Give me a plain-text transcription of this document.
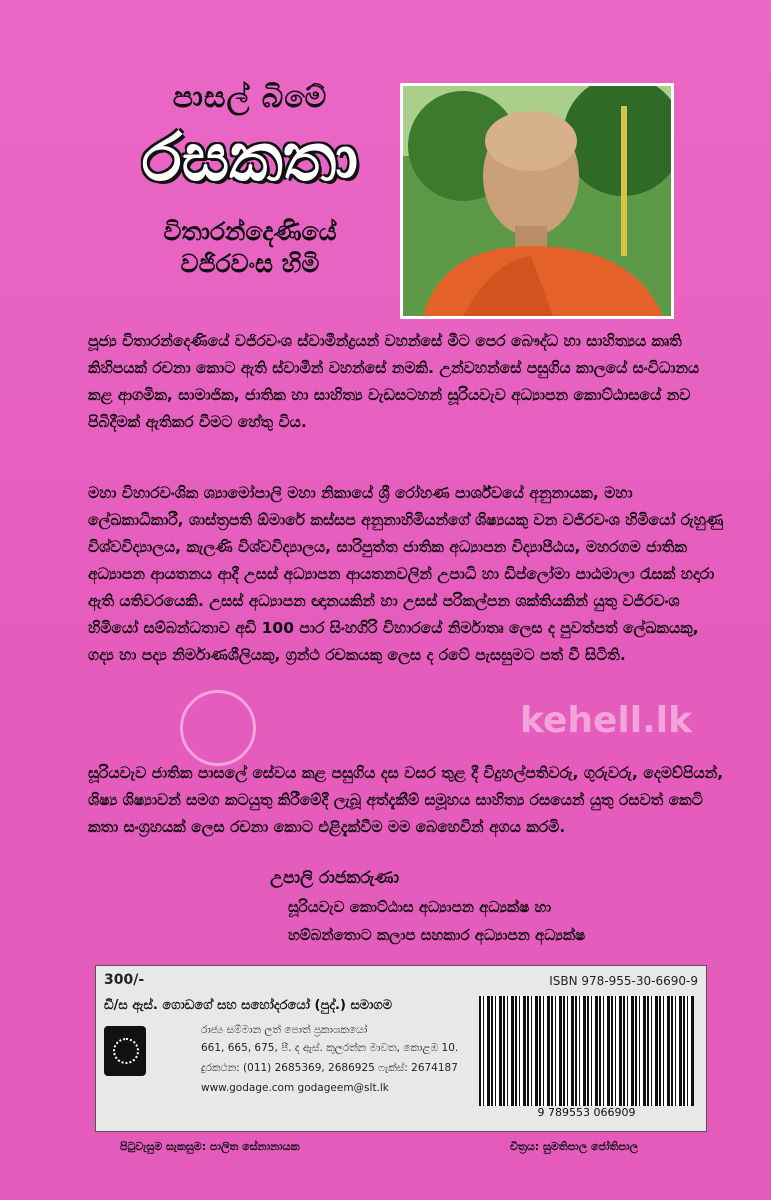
පාසල් බිමේ
රසකතා
විතාරන්දෙණියේ
වජිරවංස හිමි
පූජ්‍ය විතාරන්දෙණියේ වජිරවංශ ස්වාමීන්ද්‍රයන් වහන්සේ මීට පෙර බෞද්ධ හා සාහිත්‍යය කෘති කිහිපයක් රචනා කොට ඇති ස්වාමීන් වහන්සේ නමකි. උන්වහන්සේ පසුගිය කාලයේ සංවිධානය කළ ආගමික, සාමාජික, ජාතික හා සාහිත්‍ය වැඩසටහන් සූරියවැව අධ්‍යාපන කොට්ඨාසයේ නව පිබිදීමක් ඇතිකර වීමට හේතු විය.
මහා විහාරවංශික ශ්‍යාමෝපාලි මහා නිකායේ ශ්‍රී රෝහණ පාර්ශ්වයේ අනුනායක, මහා ලේඛකාධිකාරී, ශාස්ත්‍රපති ඕමාරේ කස්සප අනුනාහිමියන්ගේ ශිෂ්‍යයකු වන වජිරවංශ හිමියෝ රුහුණු විශ්වවිද්‍යාලය, කැලණි විශ්වවිද්‍යාලය, සාරිපුත්ත ජාතික අධ්‍යාපන විද්‍යාපීඨය, මහරගම ජාතික අධ්‍යාපන ආයතනය ආදී උසස් අධ්‍යාපන ආයතනවලින් උපාධි හා ඩිප්ලෝමා පාඨමාලා රැසක් හදාරා ඇති යතිවරයෙකි. උසස් අධ්‍යාපන ඥානයකින් හා උසස් පරිකල්පන ශක්තියකින් යුතු වජිරවංශ හිමියෝ සම්බන්ධතාව අඩි 100 පාර සිංහගිරි විහාරයේ නිර්මාතෘ ලෙස ද පුවත්පත් ලේඛකයකු, ගද්‍ය හා පද්‍ය නිර්මාණශීලියකු, ග්‍රන්ථ රචකයකු ලෙස ද රටේ පැසසුමට පත් වී සිටිති.
සූරියවැව ජාතික පාසලේ සේවය කළ පසුගිය දස වසර තුළ දී විදුහල්පතිවරු, ගුරුවරු, දෙමව්පියන්, ශිෂ්‍ය ශිෂ්‍යාවන් සමග කටයුතු කිරීමේදී ලැබූ අත්දැකීම් සමූහය සාහිත්‍ය රසයෙන් යුතු රසවත් කෙටි කතා සංග්‍රහයක් ලෙස රචනා කොට එළිදැක්වීම මම බෙහෙවින් අගය කරමි.
kehell.lk
උපාලි රාජකරුණා
සූරියවැව කොට්ඨාස අධ්‍යාපන අධ්‍යක්ෂ හා
හම්බන්තොට කලාප සහකාර අධ්‍යාපන අධ්‍යක්ෂ
300/-	ISBN 978-955-30-6690-9
ඩී/ස ඇස්. ගොඩගේ සහ සහෝදරයෝ (පුද්.) සමාගම
රාජ්‍ය සම්මාන ලත් පොත් ප්‍රකාශකයෝ
661, 665, 675, පී. ද ඇස්. කුලරත්න මාවත, කොළඹ 10.
දුරකථන: (011) 2685369, 2686925 ෆැක්ස්: 2674187
www.godage.com godageem@slt.lk
9 789553 066909
පිටුවැසුම සැකසුම: පාලිත සේනානායක	චිත්‍රය: සුමතිපාල ජෝතිපාල
